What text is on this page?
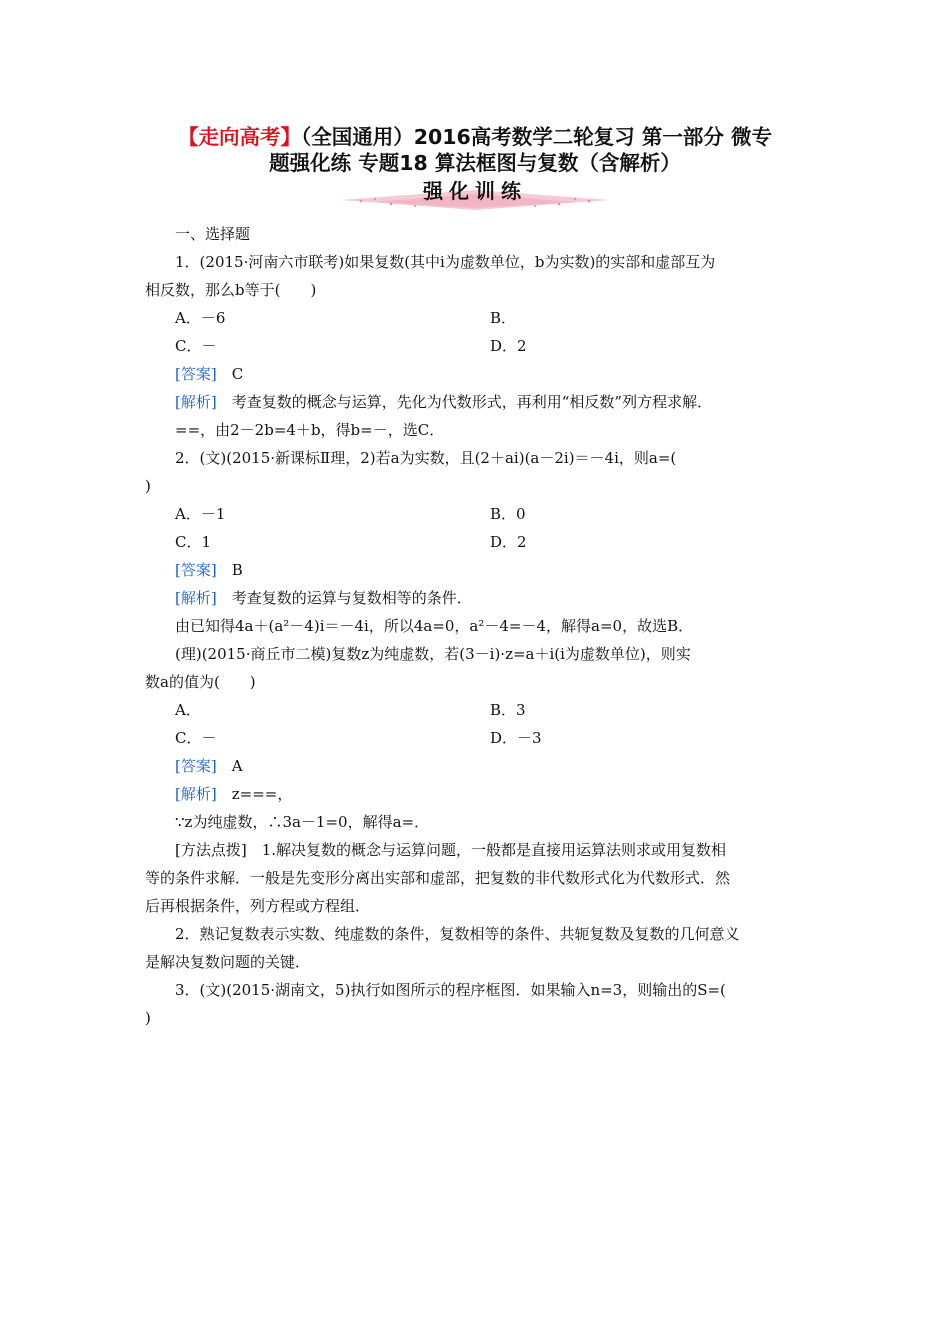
【走向高考】（全国通用）2016高考数学二轮复习 第一部分 微专
题强化练 专题18 算法框图与复数（含解析）
强化训练
一、选择题
1．(2015·河南六市联考)如果复数(其中i为虚数单位，b为实数)的实部和虚部互为
相反数，那么b等于(　　)
A．－6	B．
C．－	D．2
[答案]　 C
[解析]　 考查复数的概念与运算，先化为代数形式，再利用“相反数”列方程求解．
==，由2－2b=4＋b，得b=－，选C．
2．(文)(2015·新课标Ⅱ理，2)若a为实数，且(2＋ai)(a－2i)＝－4i，则a=(
)
A．－1	B．0
C．1	D．2
[答案]　 B
[解析]　 考查复数的运算与复数相等的条件．
由已知得4a＋(a²－4)i＝－4i，所以4a=0，a²－4=－4，解得a=0，故选B．
(理)(2015·商丘市二模)复数z为纯虚数，若(3－i)·z=a＋i(i为虚数单位)，则实
数a的值为(　　)
A．	B．3
C．－	D．－3
[答案]　 A
[解析]　 z===，
∵z为纯虚数，∴3a－1=0，解得a=．
[方法点拨]　 1.解决复数的概念与运算问题，一般都是直接用运算法则求或用复数相
等的条件求解．一般是先变形分离出实部和虚部，把复数的非代数形式化为代数形式．然
后再根据条件，列方程或方程组．
2．熟记复数表示实数、纯虚数的条件，复数相等的条件、共轭复数及复数的几何意义
是解决复数问题的关键．
3．(文)(2015·湖南文，5)执行如图所示的程序框图．如果输入n=3，则输出的S=(
)
